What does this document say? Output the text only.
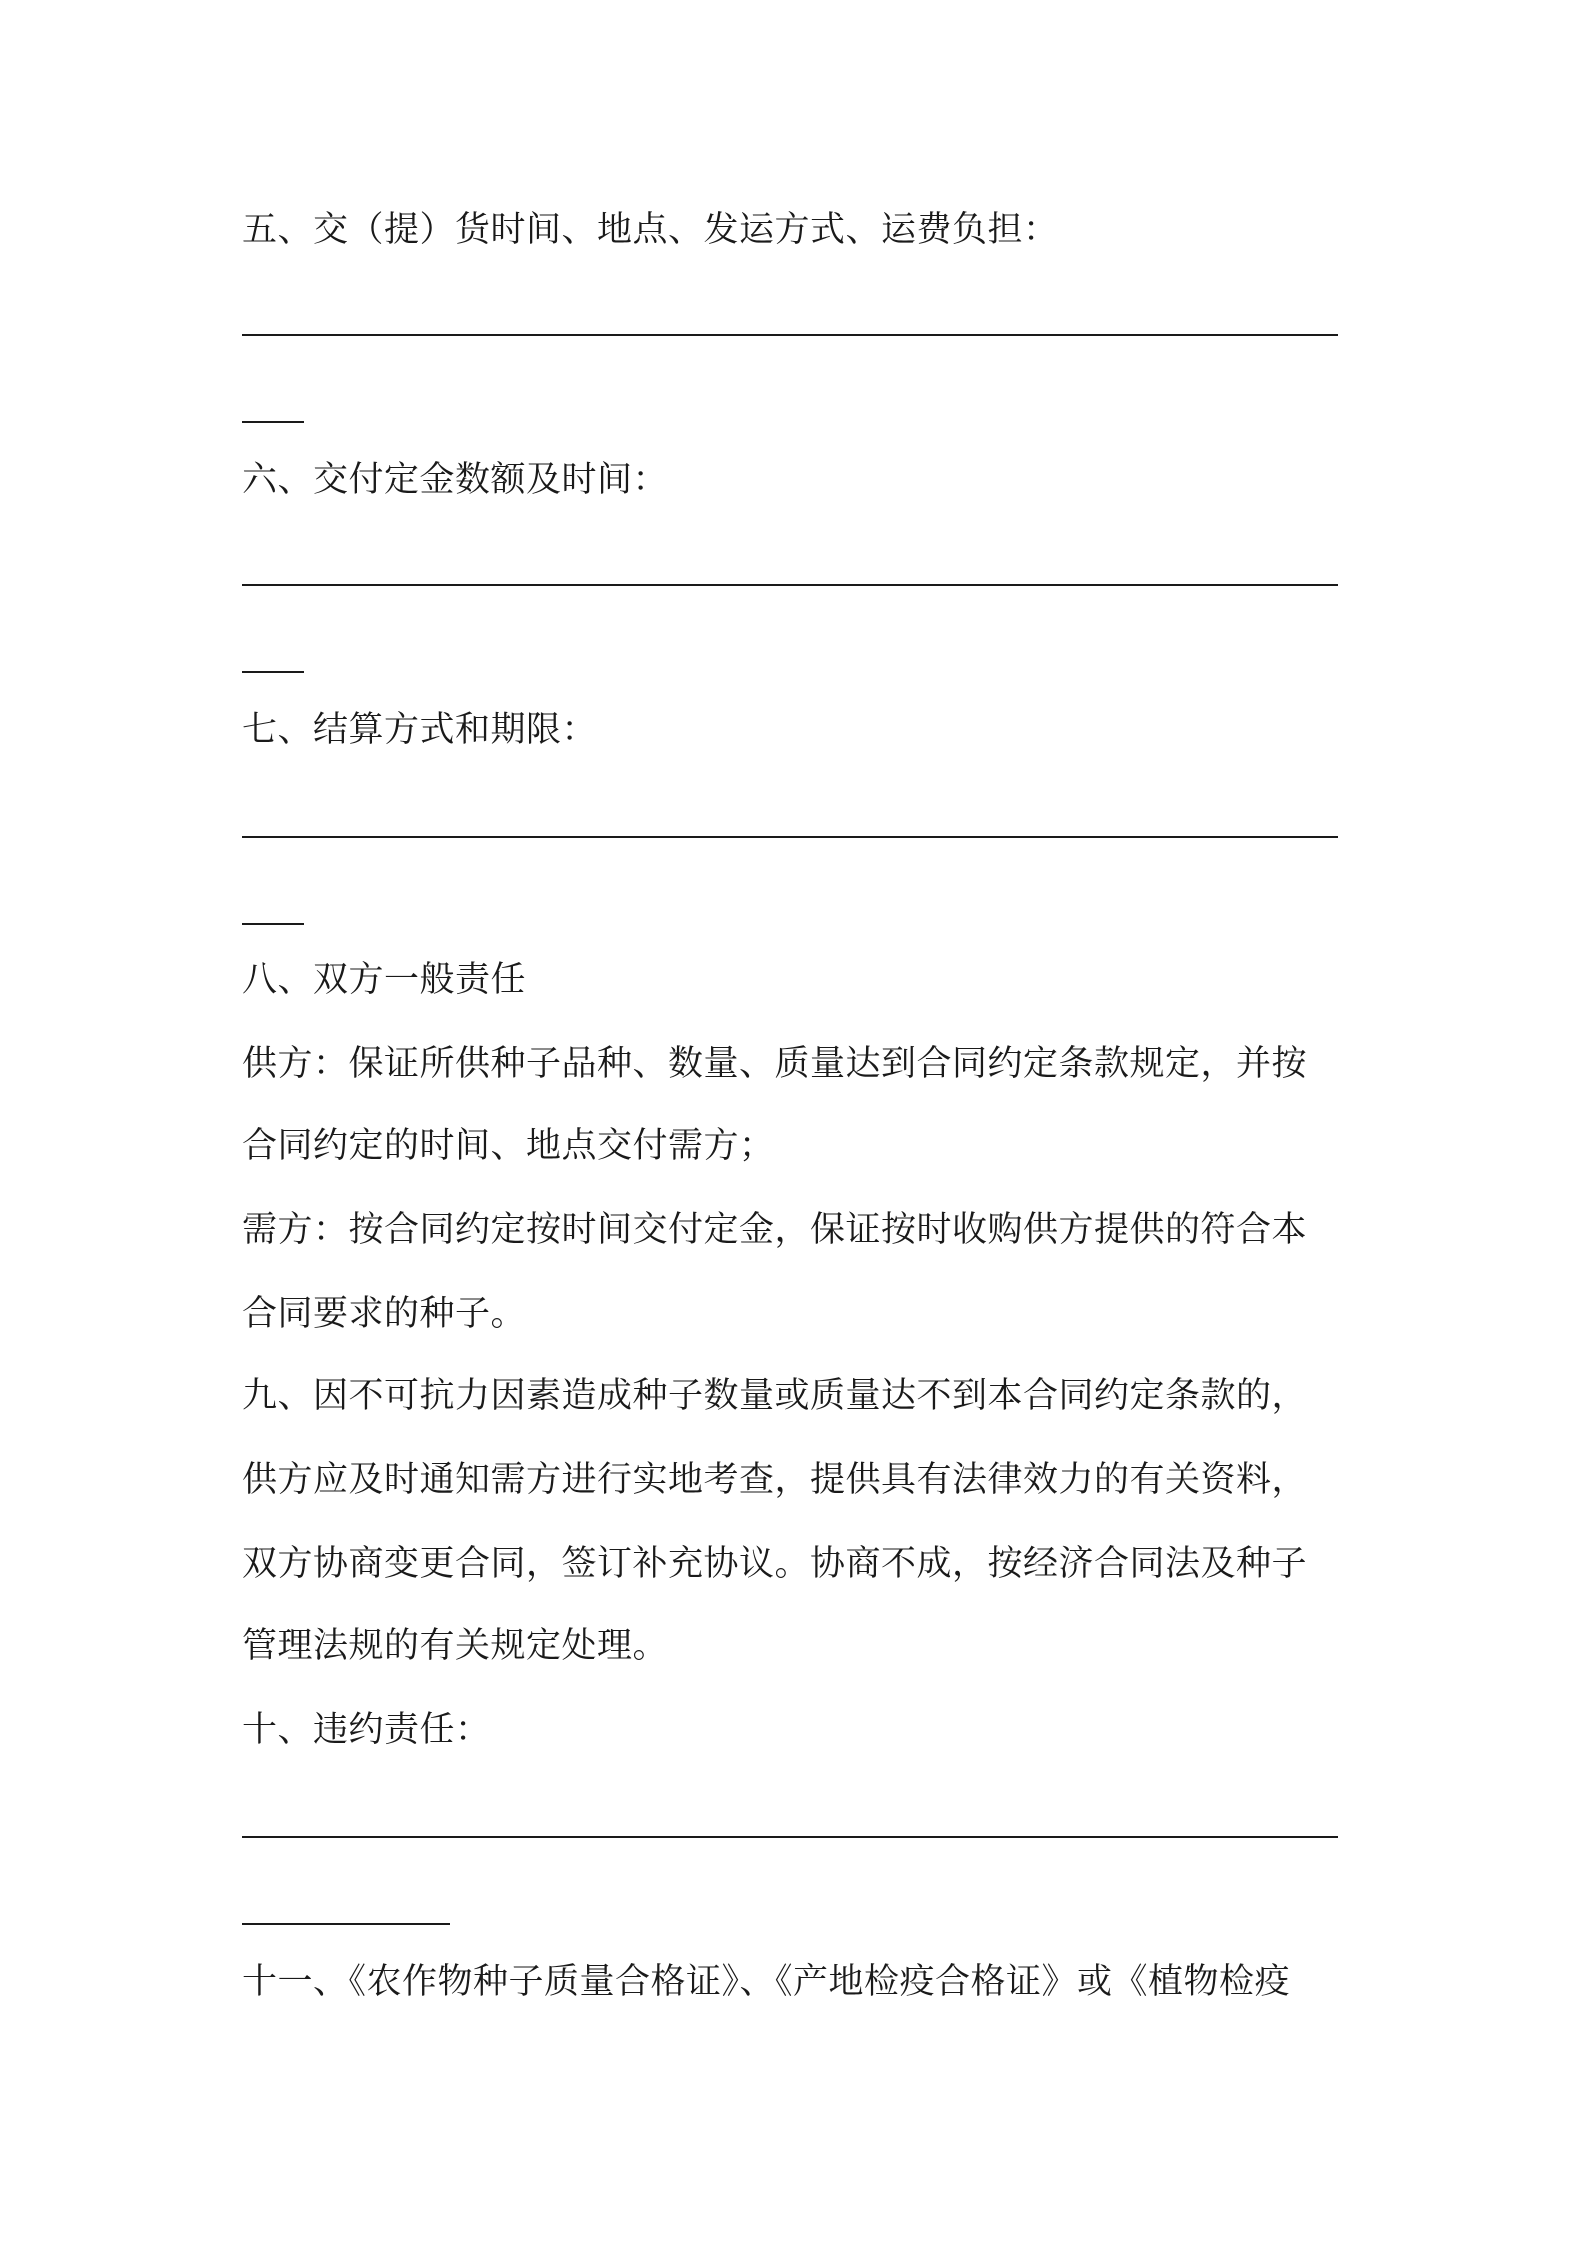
五、交（提）货时间、地点、发运方式、运费负担：
六、交付定金数额及时间：
七、结算方式和期限：
八、双方一般责任
供方：保证所供种子品种、数量、质量达到合同约定条款规定，并按
合同约定的时间、地点交付需方；
需方：按合同约定按时间交付定金，保证按时收购供方提供的符合本
合同要求的种子。
九、因不可抗力因素造成种子数量或质量达不到本合同约定条款的，
供方应及时通知需方进行实地考查，提供具有法律效力的有关资料，
双方协商变更合同，签订补充协议。协商不成，按经济合同法及种子
管理法规的有关规定处理。
十、违约责任：
十一、《农作物种子质量合格证》、《产地检疫合格证》或《植物检疫
